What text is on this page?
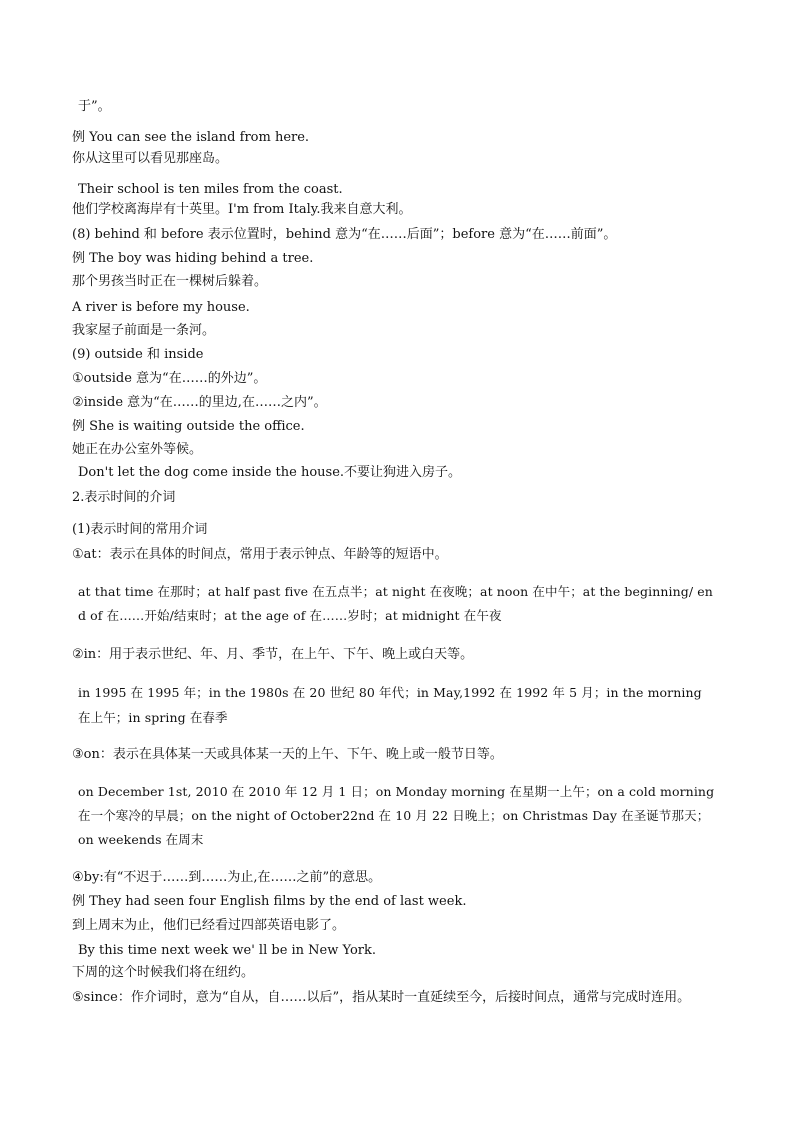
于”。
例 You can see the island from here.
你从这里可以看见那座岛。
Their school is ten miles from the coast.
他们学校离海岸有十英里。I'm from Italy.我来自意大利。
(8) behind 和 before 表示位置时，behind 意为“在……后面”；before 意为“在……前面”。
例 The boy was hiding behind a tree.
那个男孩当时正在一棵树后躲着。
A river is before my house.
我家屋子前面是一条河。
(9) outside 和 inside
①outside 意为“在……的外边”。
②inside 意为“在……的里边,在……之内”。
例 She is waiting outside the office.
她正在办公室外等候。
Don't let the dog come inside the house.不要让狗进入房子。
2.表示时间的介词
(1)表示时间的常用介词
①at：表示在具体的时间点，常用于表示钟点、年龄等的短语中。
at that time 在那时；at half past five 在五点半；at night 在夜晚；at noon 在中午；at the beginning/ en
d of 在……开始/结束时；at the age of 在……岁时；at midnight 在午夜
②in：用于表示世纪、年、月、季节，在上午、下午、晚上或白天等。
in 1995 在 1995 年；in the 1980s 在 20 世纪 80 年代；in May,1992 在 1992 年 5 月；in the morning
在上午；in spring 在春季
③on：表示在具体某一天或具体某一天的上午、下午、晚上或一般节日等。
on December 1st, 2010 在 2010 年 12 月 1 日；on Monday morning 在星期一上午；on a cold morning
在一个寒冷的早晨；on the night of October22nd 在 10 月 22 日晚上；on Christmas Day 在圣诞节那天；
on weekends 在周末
④by:有“不迟于……到……为止,在……之前”的意思。
例 They had seen four English films by the end of last week.
到上周末为止，他们已经看过四部英语电影了。
By this time next week we' ll be in New York.
下周的这个时候我们将在纽约。
⑤since：作介词时，意为“自从，自……以后”，指从某时一直延续至今，后接时间点，通常与完成时连用。
